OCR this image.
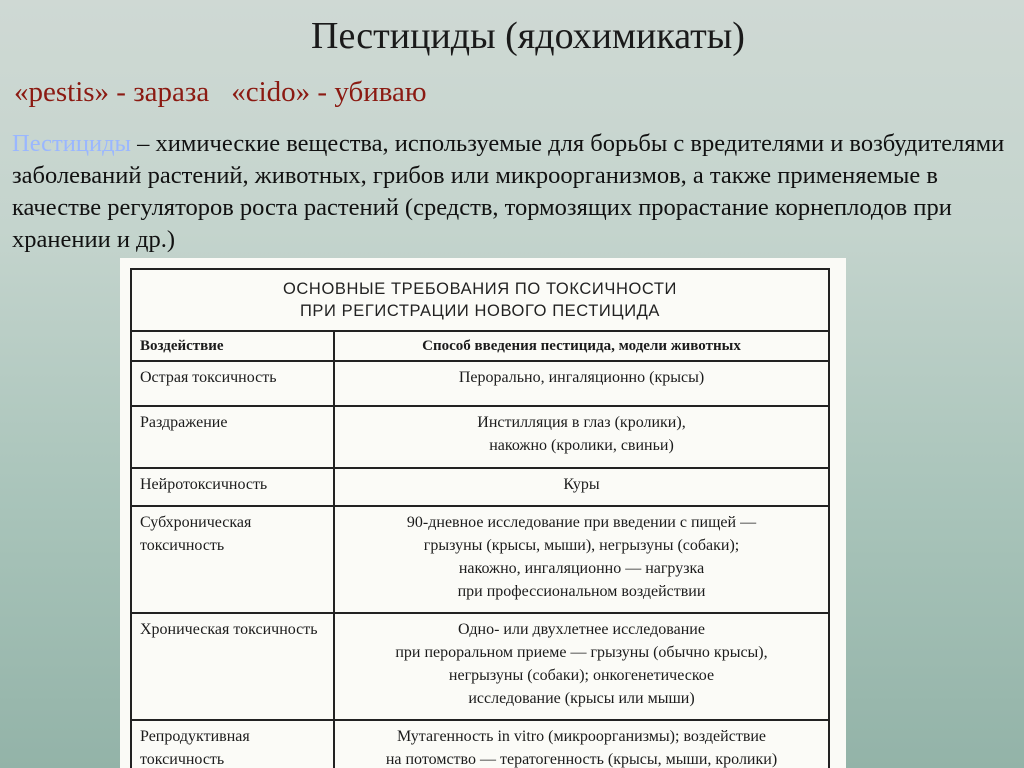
Пестициды (ядохимикаты)
«pestis» - зараза «cido» - убиваю
Пестициды – химические вещества, используемые для борьбы с вредителями и возбудителями заболеваний растений, животных, грибов или микроорганизмов, а также применяемые в качестве регуляторов роста растений (средств, тормозящих прорастание корнеплодов при хранении и др.)
ОСНОВНЫЕ ТРЕБОВАНИЯ ПО ТОКСИЧНОСТИ
ПРИ РЕГИСТРАЦИИ НОВОГО ПЕСТИЦИДА	

Воздействие	Способ введения пестицида, модели животных
Острая токсичность	Перорально, ингаляционно (крысы)

Раздражение	Инстилляция в глаз (кролики),
накожно (кролики, свиньи)

Нейротоксичность	Куры

Субхроническая токсичность	90-дневное исследование при введении с пищей —
грызуны (крысы, мыши), негрызуны (собаки);
накожно, ингаляционно — нагрузка
при профессиональном воздействии

Хроническая токсичность	Одно- или двухлетнее исследование
при пероральном приеме — грызуны (обычно крысы),
негрызуны (собаки); онкогенетическое
исследование (крысы или мыши)

Репродуктивная токсичность	Мутагенность in vitro (микроорганизмы); воздействие
на потомство — тератогенность (крысы, мыши, кролики)
